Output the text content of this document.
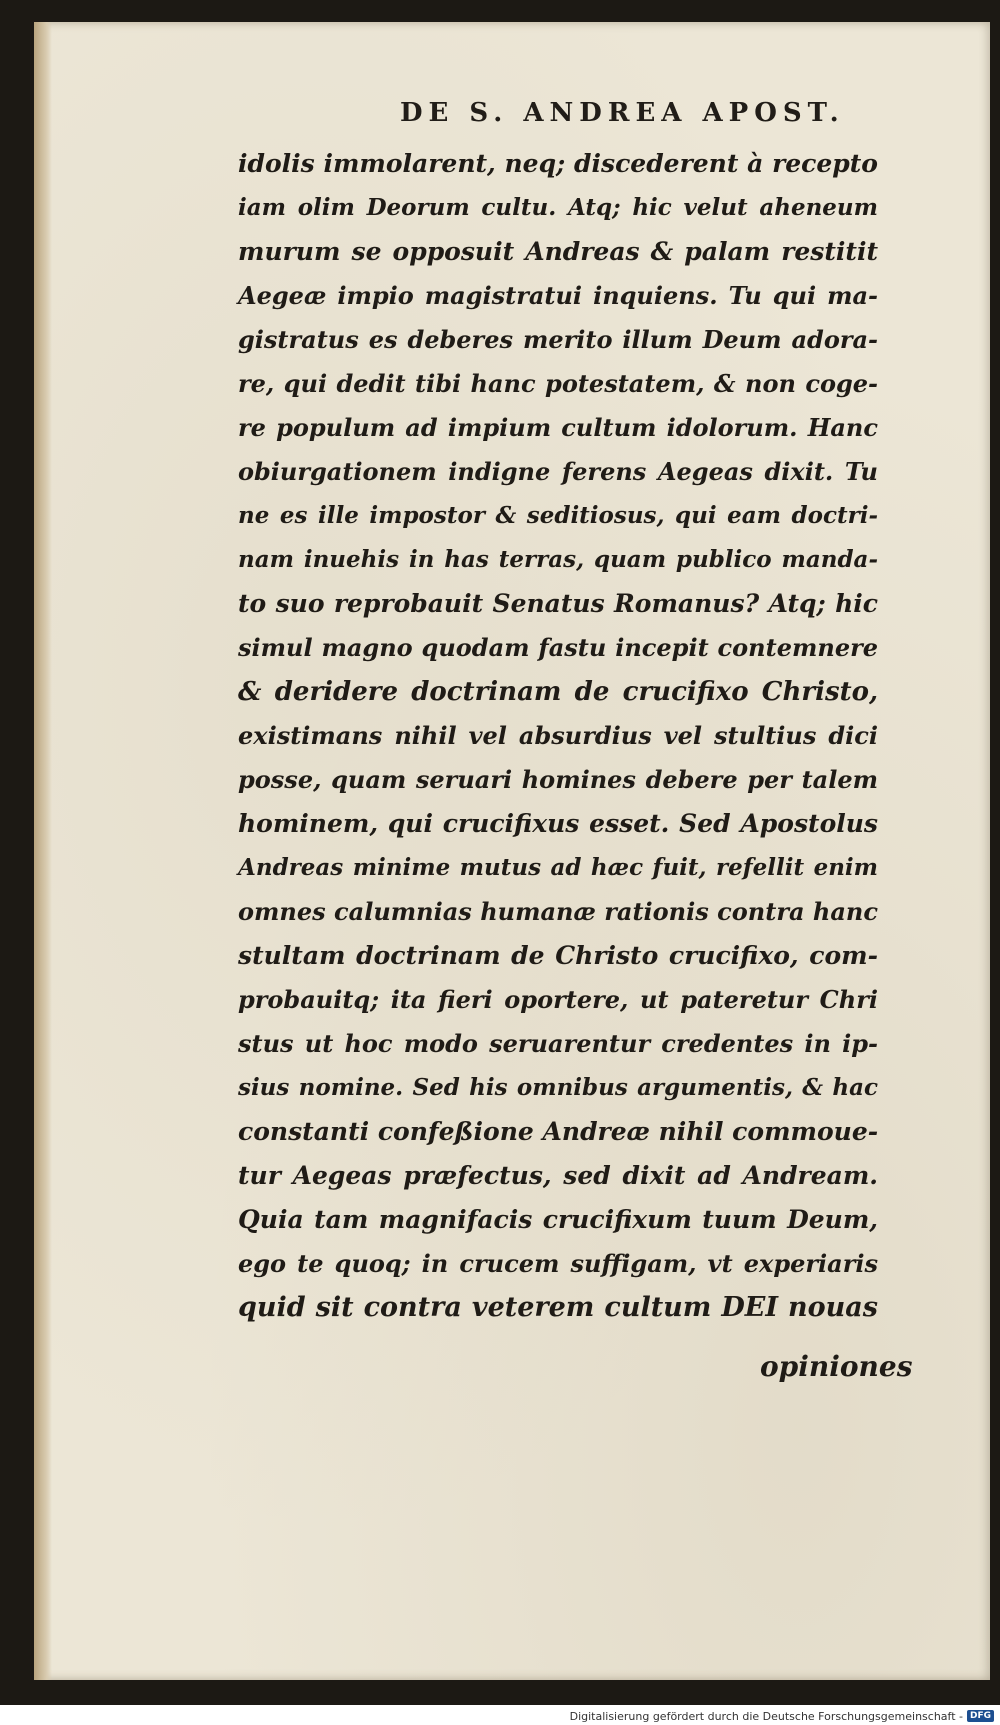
DE S. ANDREA APOST.
idolis immolarent, neq; discederent à recepto
iam olim Deorum cultu. Atq; hic velut aheneum
murum se opposuit Andreas & palam restitit
Aegeæ impio magistratui inquiens. Tu qui ma-
gistratus es deberes merito illum Deum adora-
re, qui dedit tibi hanc potestatem, & non coge-
re populum ad impium cultum idolorum. Hanc
obiurgationem indigne ferens Aegeas dixit. Tu
ne es ille impostor & seditiosus, qui eam doctri-
nam inuehis in has terras, quam publico manda-
to suo reprobauit Senatus Romanus? Atq; hic
simul magno quodam fastu incepit contemnere
& deridere doctrinam de crucifixo Christo,
existimans nihil vel absurdius vel stultius dici
posse, quam seruari homines debere per talem
hominem, qui crucifixus esset. Sed Apostolus
Andreas minime mutus ad hæc fuit, refellit enim
omnes calumnias humanæ rationis contra hanc
stultam doctrinam de Christo crucifixo, com-
probauitq; ita fieri oportere, ut pateretur Chri
stus ut hoc modo seruarentur credentes in ip-
sius nomine. Sed his omnibus argumentis, & hac
constanti confeßione Andreæ nihil commoue-
tur Aegeas præfectus, sed dixit ad Andream.
Quia tam magnifacis crucifixum tuum Deum,
ego te quoq; in crucem suffigam, vt experiaris
quid sit contra veterem cultum DEI nouas
opiniones
Digitalisierung gefördert durch die Deutsche Forschungsgemeinschaft - DFG
